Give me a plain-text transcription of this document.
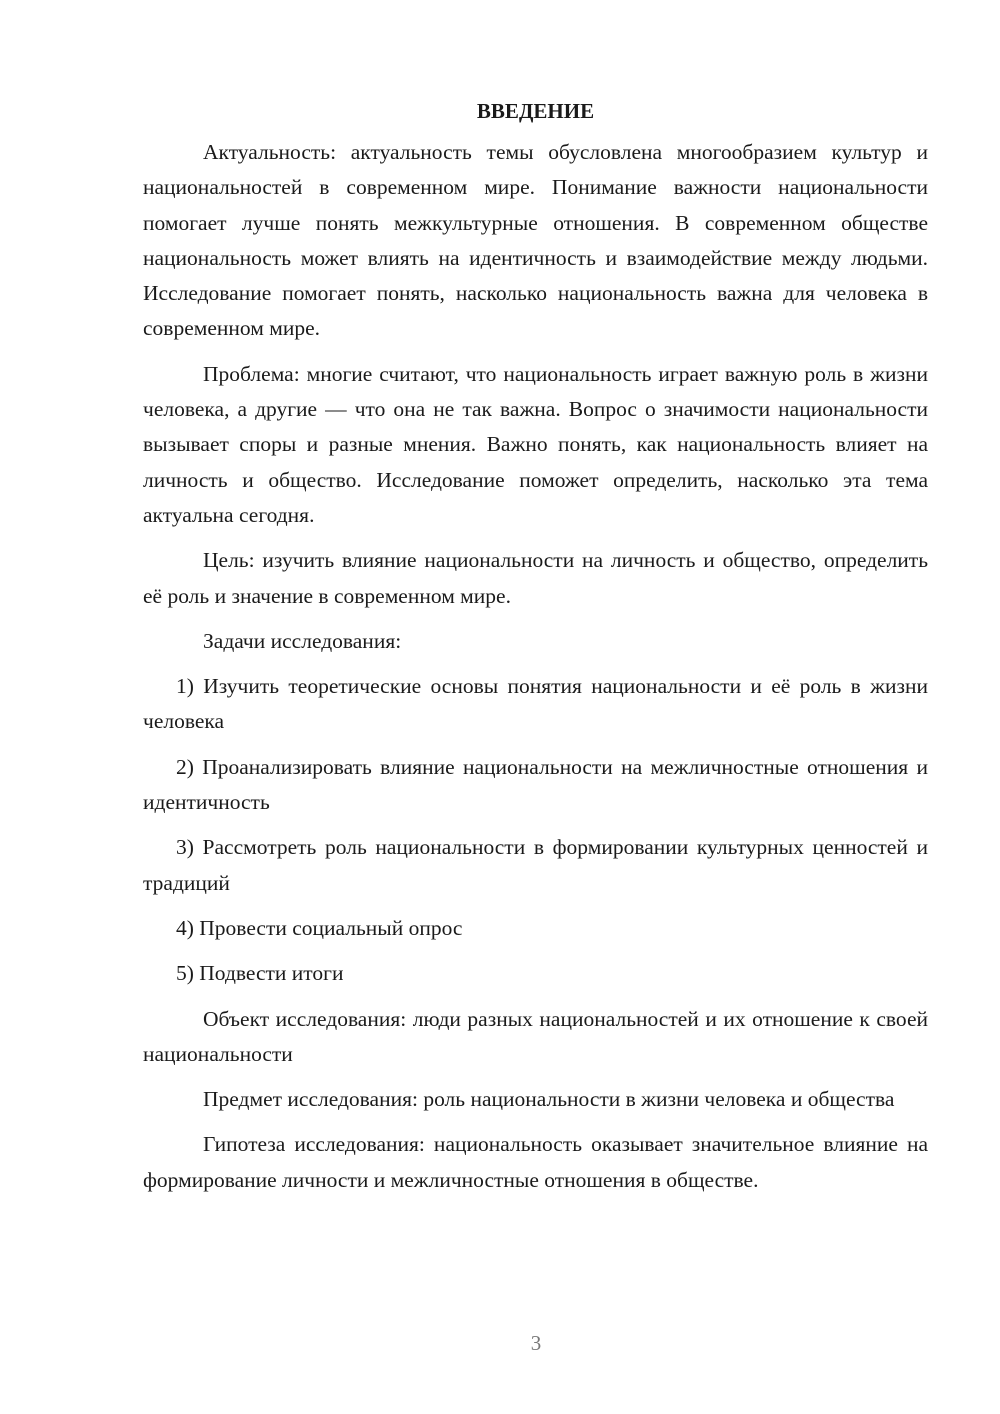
ВВЕДЕНИЕ

Актуальность: актуальность темы обусловлена многообразием культур и национальностей в современном мире. Понимание важности национальности помогает лучше понять межкультурные отношения. В современном обществе национальность может влиять на идентичность и взаимодействие между людьми. Исследование помогает понять, насколько национальность важна для человека в современном мире.

Проблема: многие считают, что национальность играет важную роль в жизни человека, а другие — что она не так важна. Вопрос о значимости национальности вызывает споры и разные мнения. Важно понять, как национальность влияет на личность и общество. Исследование поможет определить, насколько эта тема актуальна сегодня.

Цель: изучить влияние национальности на личность и общество, определить её роль и значение в современном мире.

Задачи исследования:

1) Изучить теоретические основы понятия национальности и её роль в жизни человека

2) Проанализировать влияние национальности на межличностные отношения и идентичность

3) Рассмотреть роль национальности в формировании культурных ценностей и традиций

4) Провести социальный опрос

5) Подвести итоги

Объект исследования: люди разных национальностей и их отношение к своей национальности

Предмет исследования: роль национальности в жизни человека и общества

Гипотеза исследования: национальность оказывает значительное влияние на формирование личности и межличностные отношения в обществе.

3
